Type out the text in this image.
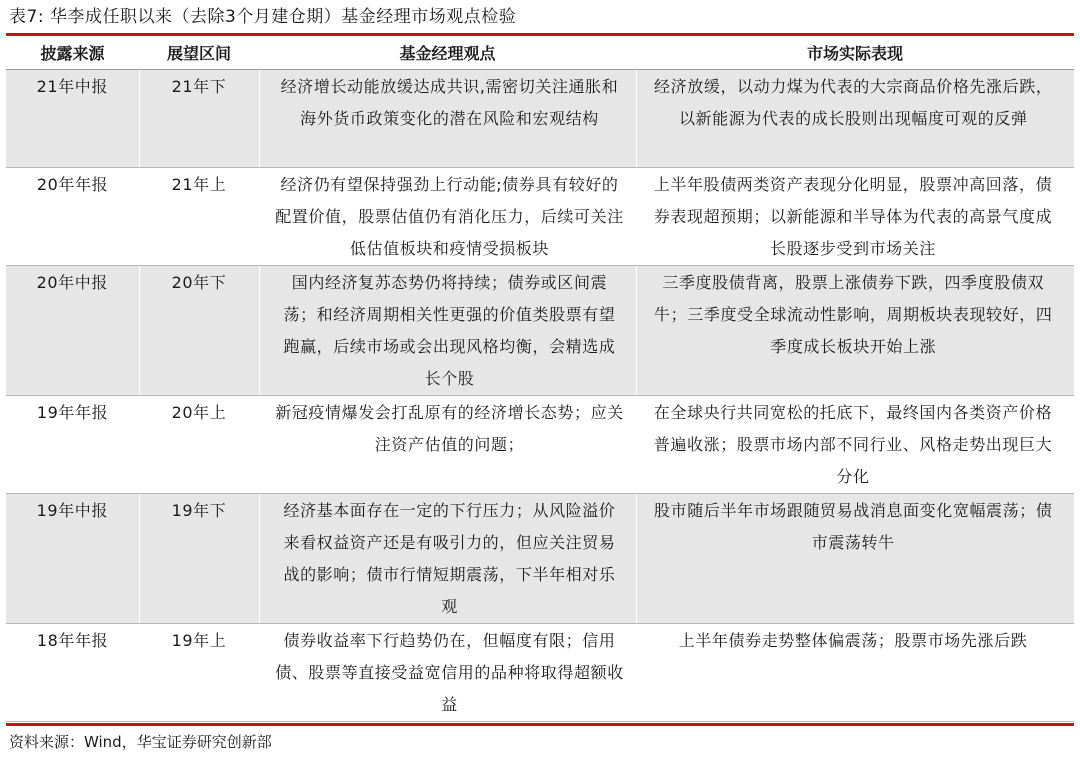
表7: 华李成任职以来（去除3个月建仓期）基金经理市场观点检验
披露来源	展望区间	基金经理观点	市场实际表现
21年中报	21年下	经济增长动能放缓达成共识,需密切关注通胀和海外货币政策变化的潜在风险和宏观结构	经济放缓，以动力煤为代表的大宗商品价格先涨后跌，以新能源为代表的成长股则出现幅度可观的反弹
20年年报	21年上	经济仍有望保持强劲上行动能;债券具有较好的配置价值，股票估值仍有消化压力，后续可关注低估值板块和疫情受损板块	上半年股债两类资产表现分化明显，股票冲高回落，债券表现超预期；以新能源和半导体为代表的高景气度成长股逐步受到市场关注
20年中报	20年下	国内经济复苏态势仍将持续；债券或区间震荡；和经济周期相关性更强的价值类股票有望跑赢，后续市场或会出现风格均衡，会精选成长个股	三季度股债背离，股票上涨债券下跌，四季度股债双牛；三季度受全球流动性影响，周期板块表现较好，四季度成长板块开始上涨
19年年报	20年上	新冠疫情爆发会打乱原有的经济增长态势；应关注资产估值的问题；	在全球央行共同宽松的托底下，最终国内各类资产价格普遍收涨；股票市场内部不同行业、风格走势出现巨大分化
19年中报	19年下	经济基本面存在一定的下行压力；从风险溢价来看权益资产还是有吸引力的，但应关注贸易战的影响；债市行情短期震荡，下半年相对乐观	股市随后半年市场跟随贸易战消息面变化宽幅震荡；债市震荡转牛
18年年报	19年上	债券收益率下行趋势仍在，但幅度有限；信用债、股票等直接受益宽信用的品种将取得超额收益	上半年债券走势整体偏震荡；股票市场先涨后跌
资料来源：Wind，华宝证券研究创新部
